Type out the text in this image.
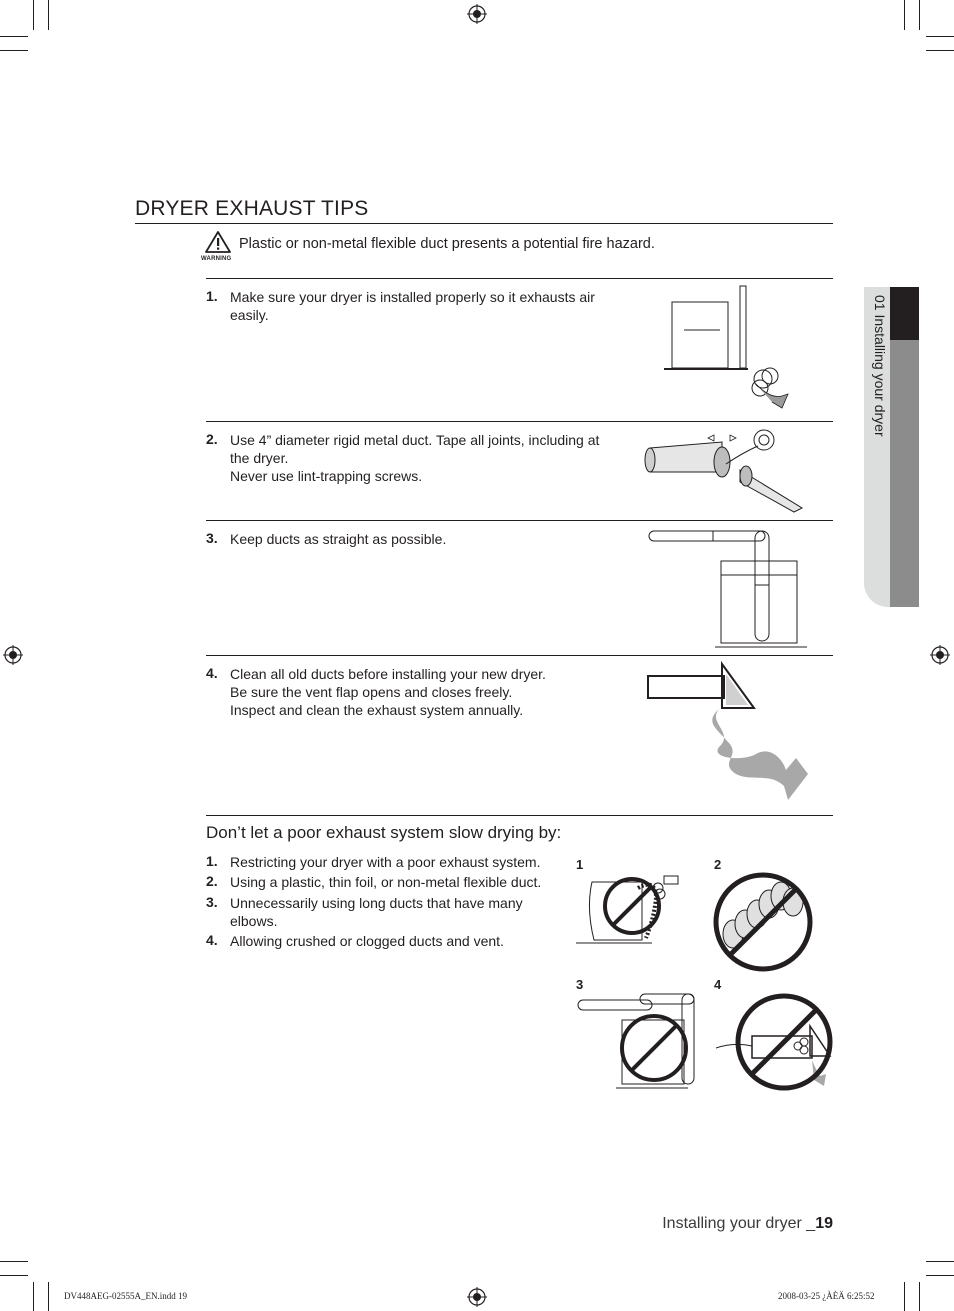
01 Installing your dryer
DRYER EXHAUST TIPS
WARNING
Plastic or non-metal flexible duct presents a potential fire hazard.
1. Make sure your dryer is installed properly so it exhausts air
easily.
2. Use 4” diameter rigid metal duct. Tape all joints, including at
the dryer.
Never use lint-trapping screws.
3. Keep ducts as straight as possible.
4. Clean all old ducts before installing your new dryer.
Be sure the vent flap opens and closes freely.
Inspect and clean the exhaust system annually.
Don’t let a poor exhaust system slow drying by:
1. Restricting your dryer with a poor exhaust system.
2. Using a plastic, thin foil, or non-metal flexible duct.
3. Unnecessarily using long ducts that have many
elbows.
4. Allowing crushed or clogged ducts and vent.
1	2
3	4
Installing your dryer _19
DV448AEG-02555A_EN.indd 19	2008-03-25 ¿ÀÈÄ 6:25:52
